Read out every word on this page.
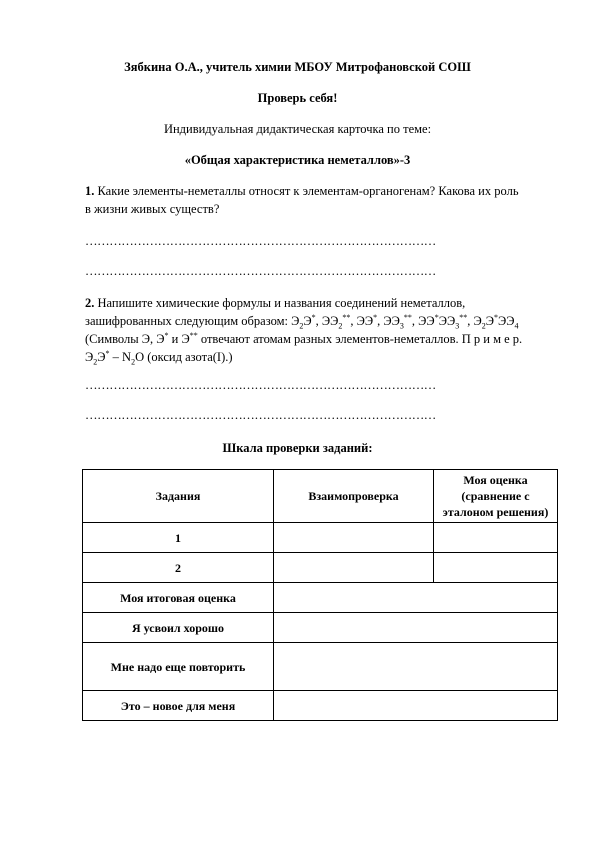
Зябкина О.А., учитель химии МБОУ Митрофановской СОШ
Проверь себя!
Индивидуальная дидактическая карточка по теме:
«Общая характеристика неметаллов»-3
1. Какие элементы-неметаллы относят к элементам-органогенам? Какова их роль в жизни живых существ?
……………………………………………………………………………
……………………………………………………………………………
2. Напишите химические формулы и названия соединений неметаллов, зашифрованных следующим образом: $Э_2Э^*$, $ЭЭ_2^{**}$, ЭЭ*, $ЭЭ_3^{**}$, $ЭЭ^*ЭЭ_3^{**}$, $Э_2Э^*ЭЭ_4$ (Символы Э, Э* и Э** отвечают атомам разных элементов-неметаллов. П р и м е р. $Э_2Э^* - N_2O$ (оксид азота(I).)
……………………………………………………………………………
……………………………………………………………………………
Шкала проверки заданий:
Задания	Взаимопроверка	Моя оценка (сравнение с эталоном решения)
1		
2		
Моя итоговая оценка		
Я усвоил хорошо		
Мне надо еще повторить		
Это – новое для меня		
